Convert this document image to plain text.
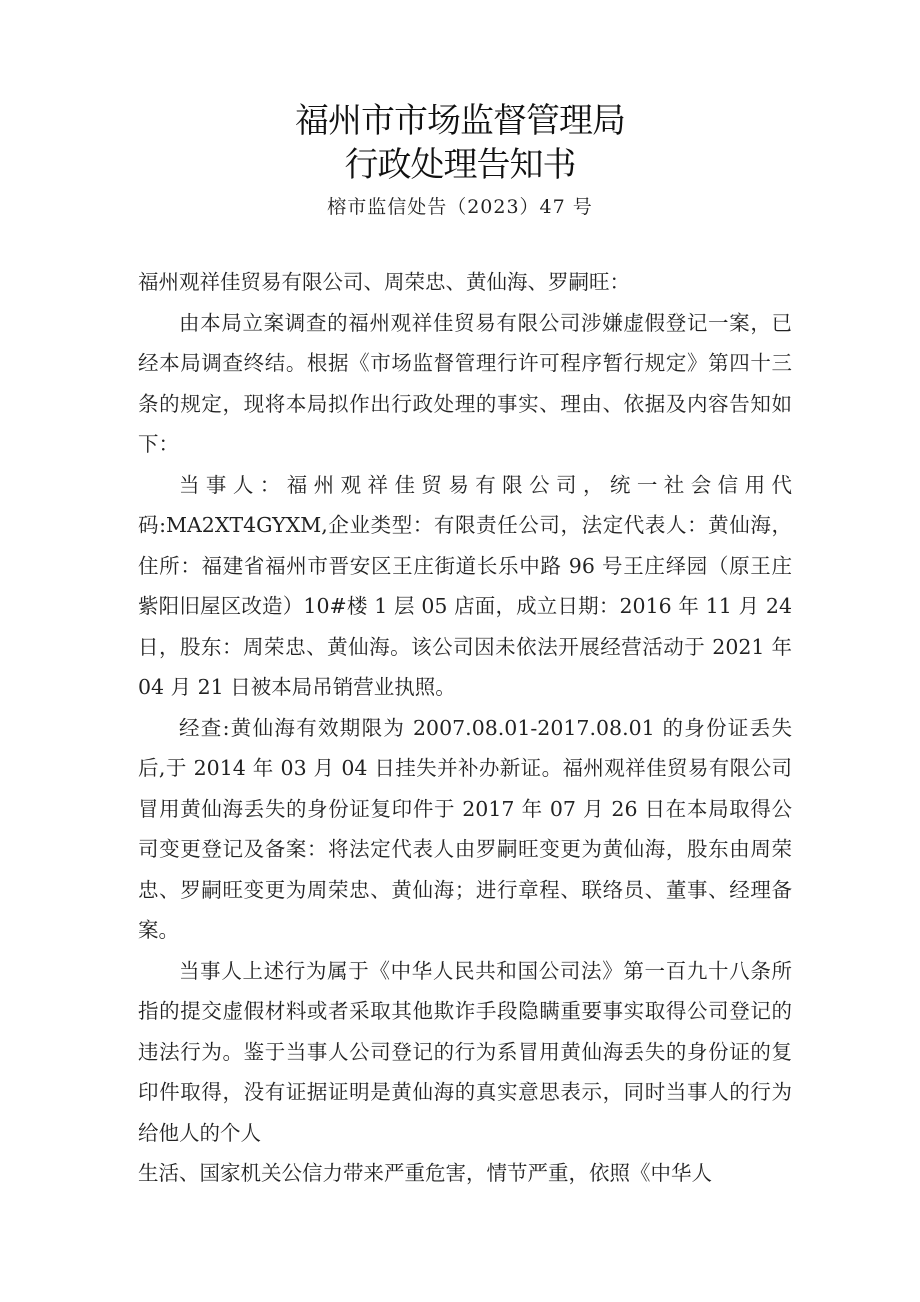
福州市市场监督管理局
行政处理告知书
榕市监信处告（2023）47 号

福州观祥佳贸易有限公司、周荣忠、黄仙海、罗嗣旺：

由本局立案调查的福州观祥佳贸易有限公司涉嫌虚假登记一案，已经本局调查终结。根据《市场监督管理行许可程序暂行规定》第四十三条的规定，现将本局拟作出行政处理的事实、理由、依据及内容告知如下：

当事人：福州观祥佳贸易有限公司，统一社会信用代码:MA2XT4GYXM,企业类型：有限责任公司，法定代表人：黄仙海，住所：福建省福州市晋安区王庄街道长乐中路 96 号王庄绎园（原王庄紫阳旧屋区改造）10#楼 1 层 05 店面，成立日期：2016 年 11 月 24 日，股东：周荣忠、黄仙海。该公司因未依法开展经营活动于 2021 年 04 月 21 日被本局吊销营业执照。

经查:黄仙海有效期限为 2007.08.01-2017.08.01 的身份证丢失后,于 2014 年 03 月 04 日挂失并补办新证。福州观祥佳贸易有限公司冒用黄仙海丢失的身份证复印件于 2017 年 07 月 26 日在本局取得公司变更登记及备案：将法定代表人由罗嗣旺变更为黄仙海，股东由周荣忠、罗嗣旺变更为周荣忠、黄仙海；进行章程、联络员、董事、经理备案。

当事人上述行为属于《中华人民共和国公司法》第一百九十八条所指的提交虚假材料或者采取其他欺诈手段隐瞒重要事实取得公司登记的违法行为。鉴于当事人公司登记的行为系冒用黄仙海丢失的身份证的复印件取得，没有证据证明是黄仙海的真实意思表示，同时当事人的行为给他人的个人

生活、国家机关公信力带来严重危害，情节严重，依照《中华人
